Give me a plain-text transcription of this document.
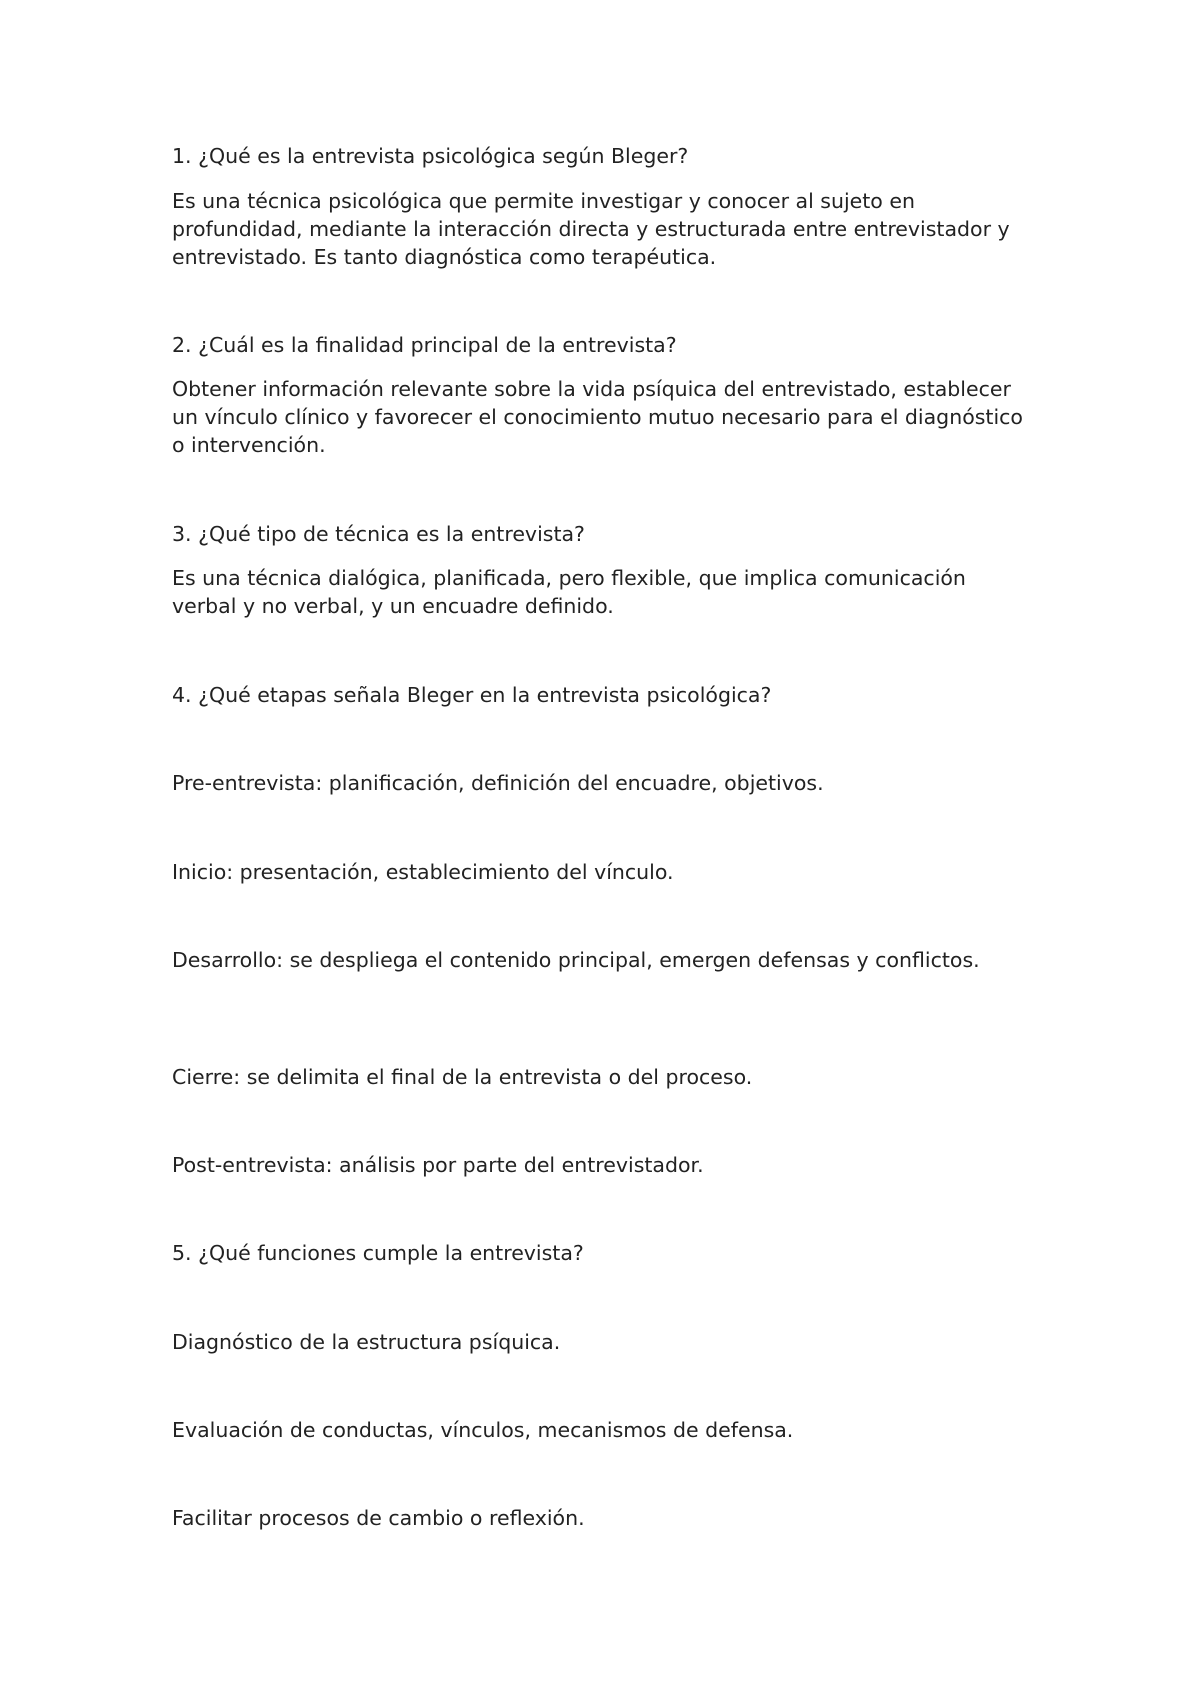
1. ¿Qué es la entrevista psicológica según Bleger?

Es una técnica psicológica que permite investigar y conocer al sujeto en profundidad, mediante la interacción directa y estructurada entre entrevistador y entrevistado. Es tanto diagnóstica como terapéutica.

2. ¿Cuál es la finalidad principal de la entrevista?

Obtener información relevante sobre la vida psíquica del entrevistado, establecer un vínculo clínico y favorecer el conocimiento mutuo necesario para el diagnóstico o intervención.

3. ¿Qué tipo de técnica es la entrevista?

Es una técnica dialógica, planificada, pero flexible, que implica comunicación verbal y no verbal, y un encuadre definido.

4. ¿Qué etapas señala Bleger en la entrevista psicológica?

Pre-entrevista: planificación, definición del encuadre, objetivos.

Inicio: presentación, establecimiento del vínculo.

Desarrollo: se despliega el contenido principal, emergen defensas y conflictos.

Cierre: se delimita el final de la entrevista o del proceso.

Post-entrevista: análisis por parte del entrevistador.

5. ¿Qué funciones cumple la entrevista?

Diagnóstico de la estructura psíquica.

Evaluación de conductas, vínculos, mecanismos de defensa.

Facilitar procesos de cambio o reflexión.
